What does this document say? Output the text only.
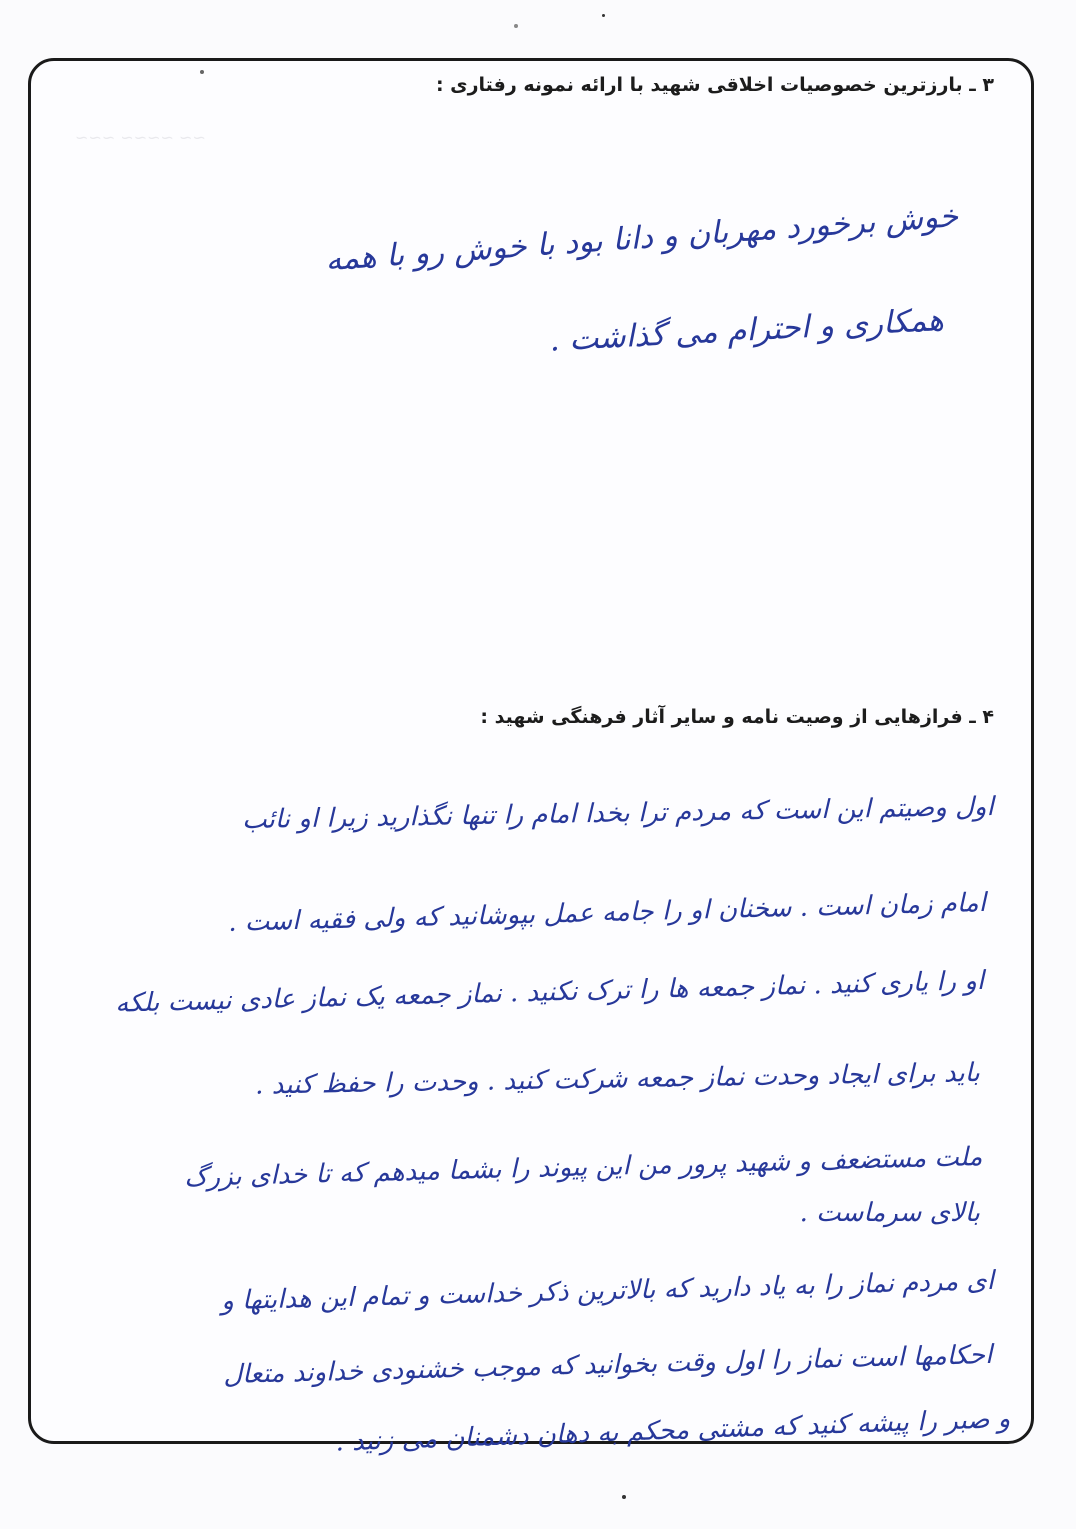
~~~ ~~~~ ~~
۳ ـ بارزترین خصوصیات اخلاقی شهید با ارائه نمونه رفتاری :
خوش برخورد مهربان و دانا بود با خوش رو با همه
همکاری و احترام می گذاشت .
۴ ـ فرازهایی از وصیت نامه و سایر آثار فرهنگی شهید :
اول وصیتم این است که مردم ترا بخدا امام را تنها نگذارید زیرا او نائب
امام زمان است . سخنان او را جامه عمل بپوشانید که ولی فقیه است .
او را یاری کنید . نماز جمعه ها را ترک نکنید . نماز جمعه یک نماز عادی نیست بلکه
باید برای ایجاد وحدت نماز جمعه شرکت کنید . وحدت را حفظ کنید .
ملت مستضعف و شهید پرور من این پیوند را بشما میدهم که تا خدای بزرگ
بالای سرماست .
ای مردم نماز را به یاد دارید که بالاترین ذکر خداست و تمام این هدایتها و
احکامها است نماز را اول وقت بخوانید که موجب خشنودی خداوند متعال
و صبر را پیشه کنید که مشتی محکم به دهان دشمنان می زنید .
